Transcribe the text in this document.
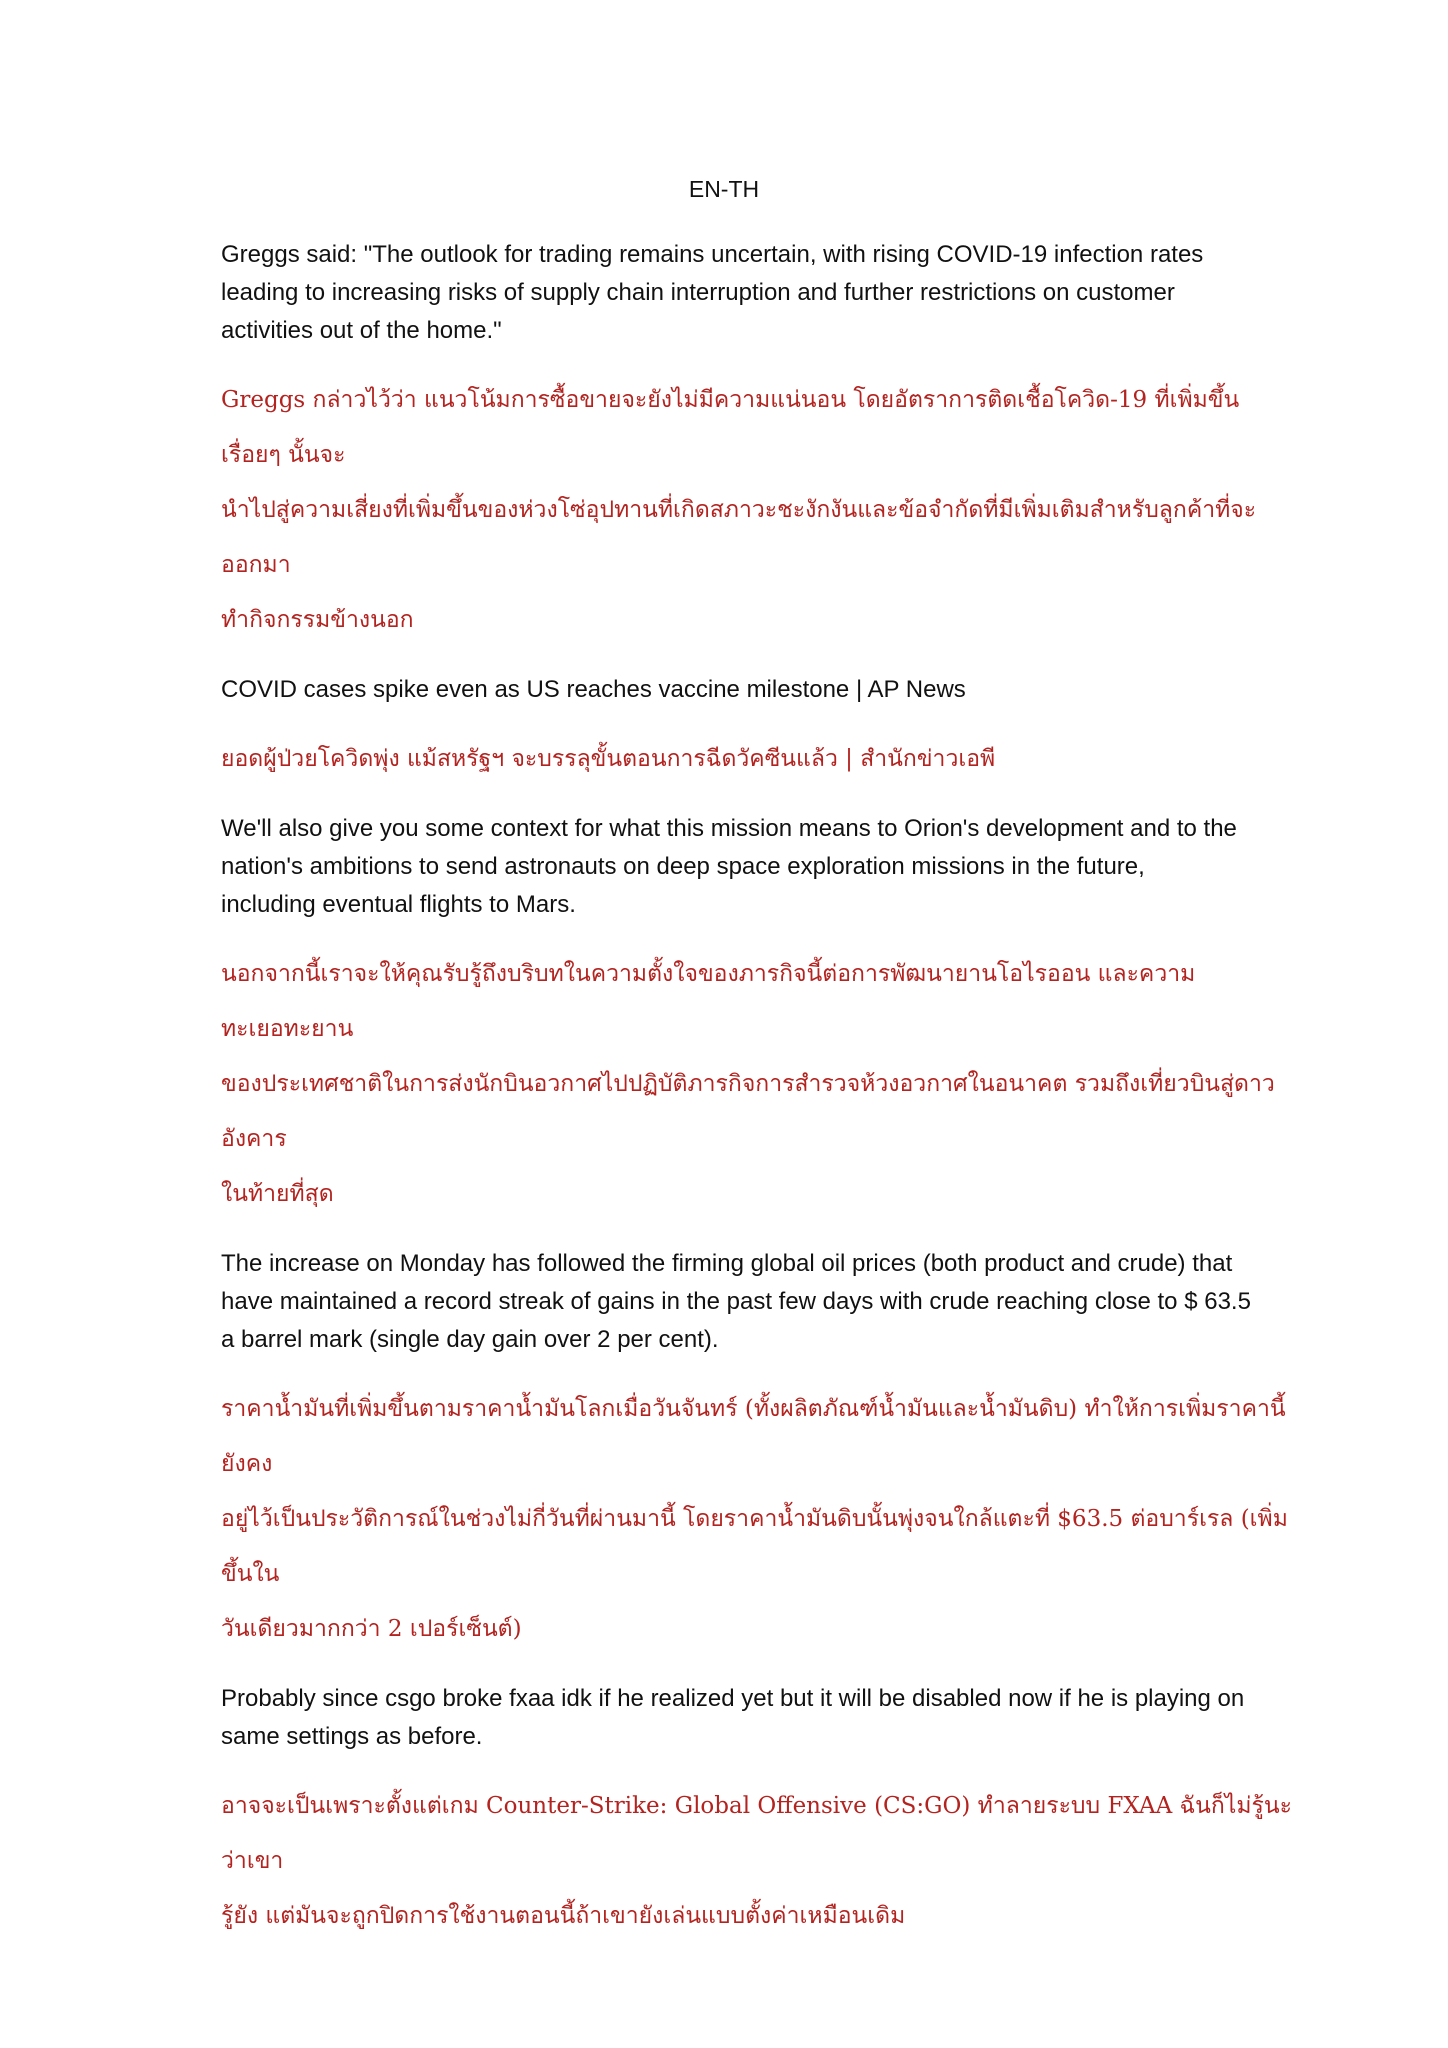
EN-TH

Greggs said: "The outlook for trading remains uncertain, with rising COVID-19 infection rates
leading to increasing risks of supply chain interruption and further restrictions on customer
activities out of the home."

Greggs กล่าวไว้ว่า แนวโน้มการซื้อขายจะยังไม่มีความแน่นอน โดยอัตราการติดเชื้อโควิด-19 ที่เพิ่มขึ้นเรื่อยๆ นั้นจะ
นำไปสู่ความเสี่ยงที่เพิ่มขึ้นของห่วงโซ่อุปทานที่เกิดสภาวะชะงักงันและข้อจำกัดที่มีเพิ่มเติมสำหรับลูกค้าที่จะออกมา
ทำกิจกรรมข้างนอก

COVID cases spike even as US reaches vaccine milestone | AP News

ยอดผู้ป่วยโควิดพุ่ง แม้สหรัฐฯ จะบรรลุขั้นตอนการฉีดวัคซีนแล้ว | สำนักข่าวเอพี

We'll also give you some context for what this mission means to Orion's development and to the
nation's ambitions to send astronauts on deep space exploration missions in the future,
including eventual flights to Mars.

นอกจากนี้เราจะให้คุณรับรู้ถึงบริบทในความตั้งใจของภารกิจนี้ต่อการพัฒนายานโอไรออน และความทะเยอทะยาน
ของประเทศชาติในการส่งนักบินอวกาศไปปฏิบัติภารกิจการสำรวจห้วงอวกาศในอนาคต รวมถึงเที่ยวบินสู่ดาวอังคาร
ในท้ายที่สุด

The increase on Monday has followed the firming global oil prices (both product and crude) that
have maintained a record streak of gains in the past few days with crude reaching close to $ 63.5
a barrel mark (single day gain over 2 per cent).

ราคาน้ำมันที่เพิ่มขึ้นตามราคาน้ำมันโลกเมื่อวันจันทร์ (ทั้งผลิตภัณฑ์น้ำมันและน้ำมันดิบ) ทำให้การเพิ่มราคานี้ยังคง
อยู่ไว้เป็นประวัติการณ์ในช่วงไม่กี่วันที่ผ่านมานี้ โดยราคาน้ำมันดิบนั้นพุ่งจนใกล้แตะที่ $63.5 ต่อบาร์เรล (เพิ่มขึ้นใน
วันเดียวมากกว่า 2 เปอร์เซ็นต์)

Probably since csgo broke fxaa idk if he realized yet but it will be disabled now if he is playing on
same settings as before.

อาจจะเป็นเพราะตั้งแต่เกม Counter-Strike: Global Offensive (CS:GO) ทำลายระบบ FXAA ฉันก็ไม่รู้นะว่าเขา
รู้ยัง แต่มันจะถูกปิดการใช้งานตอนนี้ถ้าเขายังเล่นแบบตั้งค่าเหมือนเดิม
